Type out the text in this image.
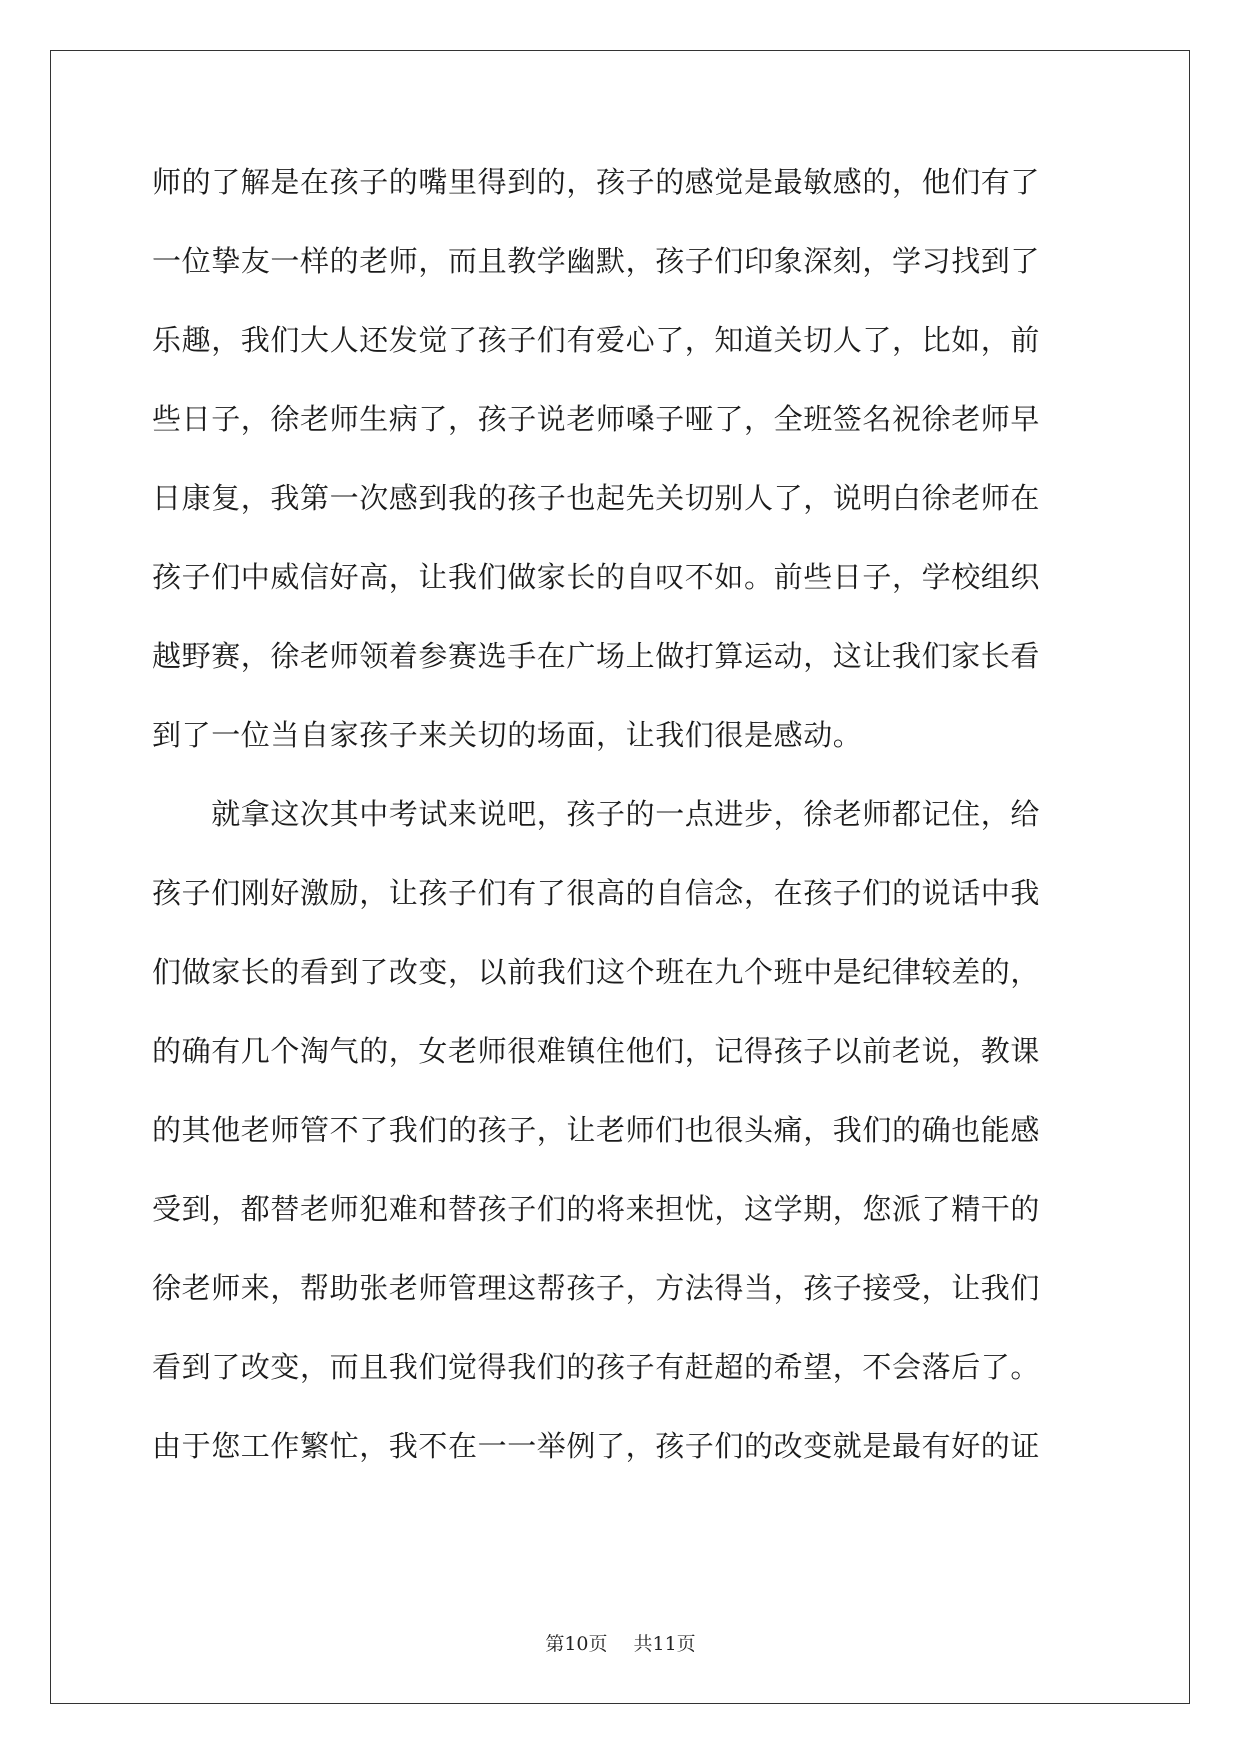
师的了解是在孩子的嘴里得到的，孩子的感觉是最敏感的，他们有了
一位挚友一样的老师，而且教学幽默，孩子们印象深刻，学习找到了
乐趣，我们大人还发觉了孩子们有爱心了，知道关切人了，比如，前
些日子，徐老师生病了，孩子说老师嗓子哑了，全班签名祝徐老师早
日康复，我第一次感到我的孩子也起先关切别人了，说明白徐老师在
孩子们中威信好高，让我们做家长的自叹不如。前些日子，学校组织
越野赛，徐老师领着参赛选手在广场上做打算运动，这让我们家长看
到了一位当自家孩子来关切的场面，让我们很是感动。
　　就拿这次其中考试来说吧，孩子的一点进步，徐老师都记住，给
孩子们刚好激励，让孩子们有了很高的自信念，在孩子们的说话中我
们做家长的看到了改变，以前我们这个班在九个班中是纪律较差的，
的确有几个淘气的，女老师很难镇住他们，记得孩子以前老说，教课
的其他老师管不了我们的孩子，让老师们也很头痛，我们的确也能感
受到，都替老师犯难和替孩子们的将来担忧，这学期，您派了精干的
徐老师来，帮助张老师管理这帮孩子，方法得当，孩子接受，让我们
看到了改变，而且我们觉得我们的孩子有赶超的希望，不会落后了。
由于您工作繁忙，我不在一一举例了，孩子们的改变就是最有好的证
第10页 共11页
